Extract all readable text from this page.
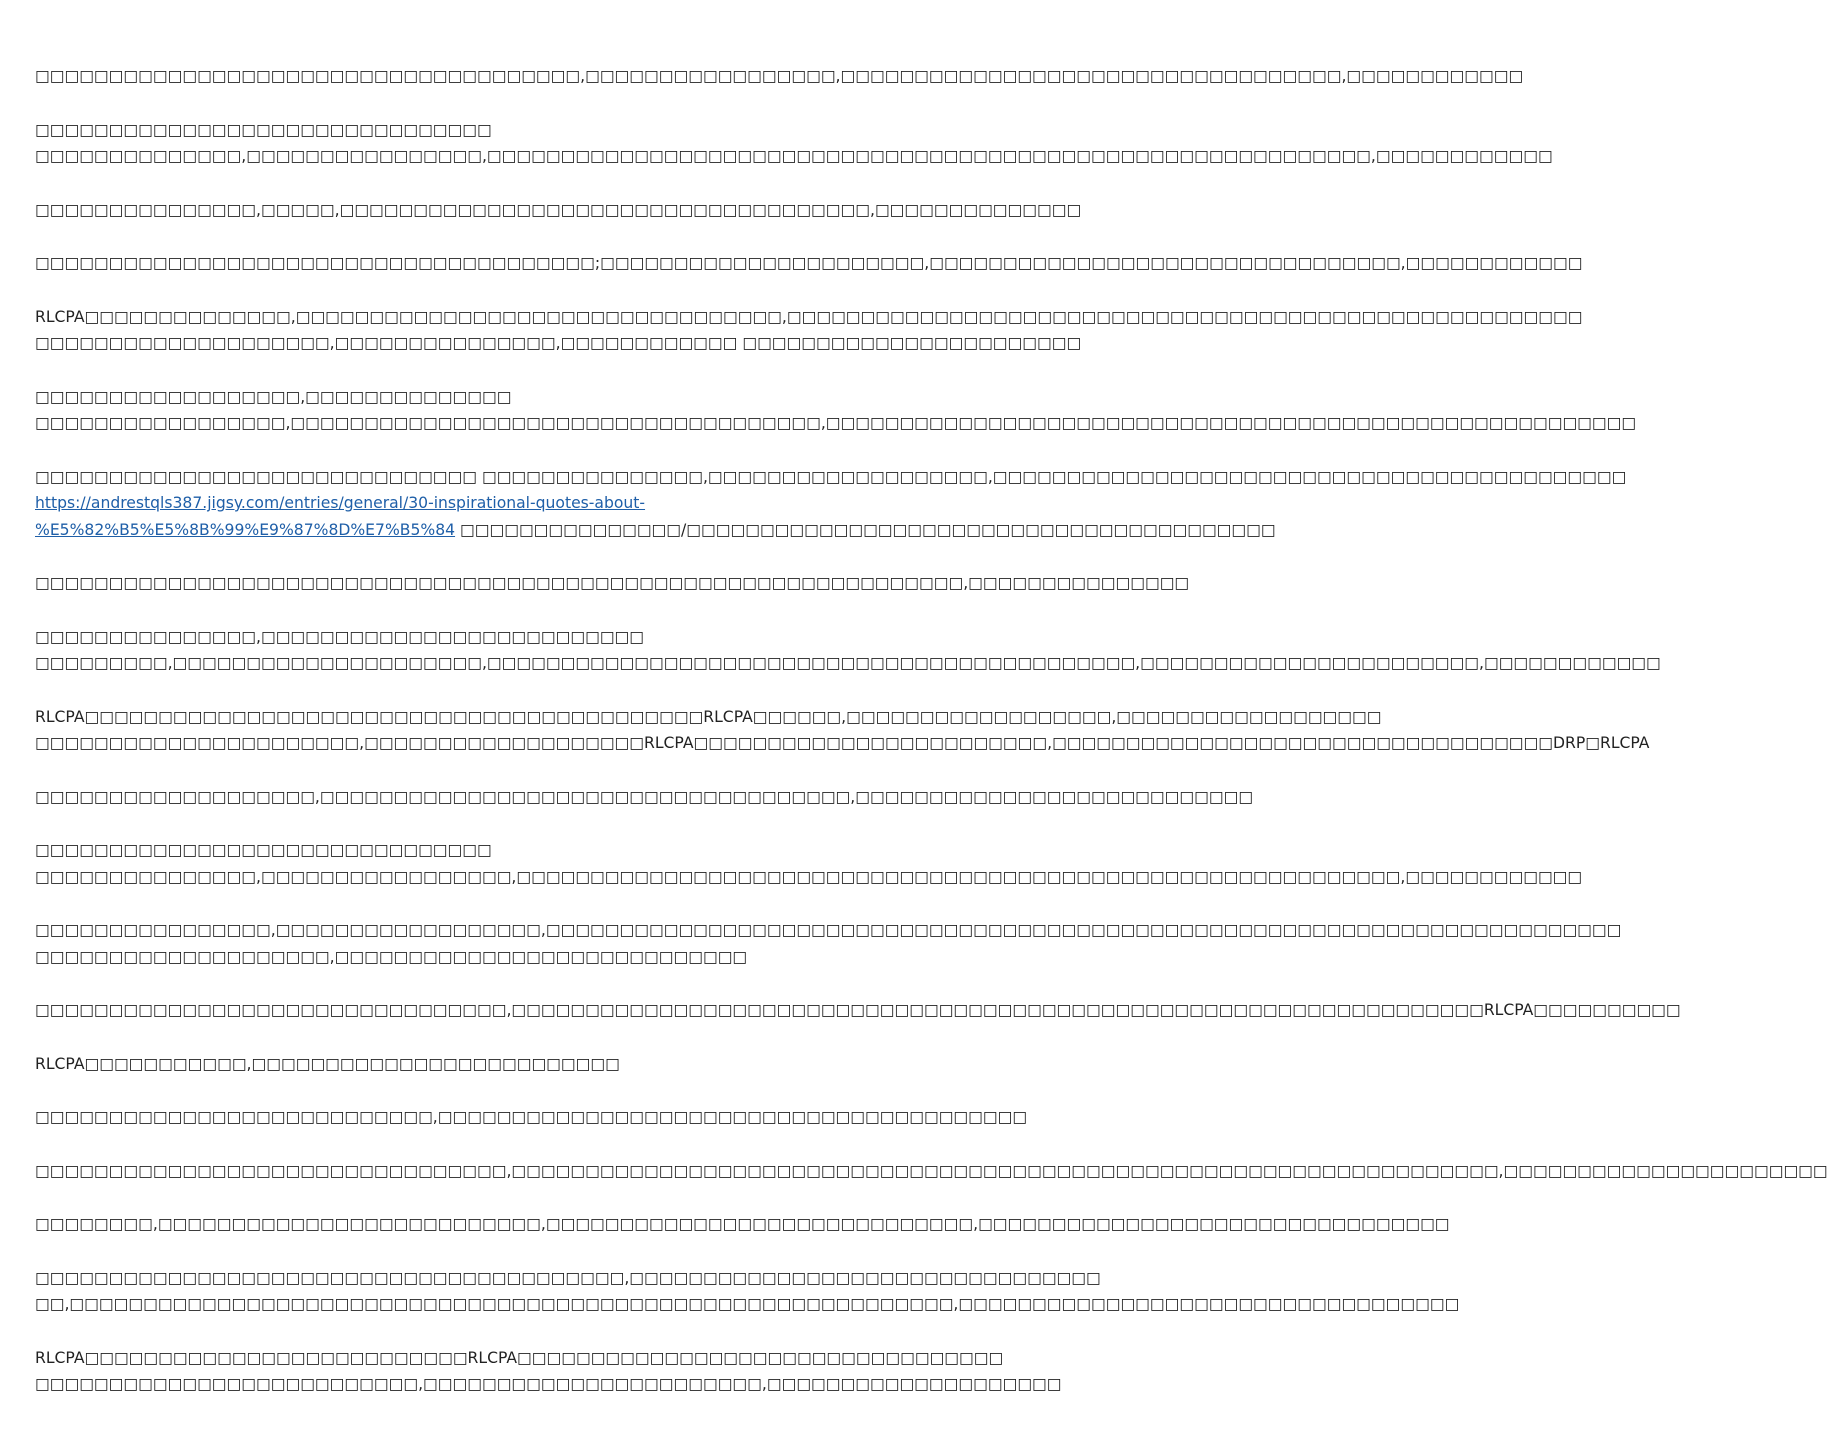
□□□□□□□□□□□□□□□□□□□□□□□□□□□□□□□□□□□□□,□□□□□□□□□□□□□□□□□,□□□□□□□□□□□□□□□□□□□□□□□□□□□□□□□□□□,□□□□□□□□□□□□
□□□□□□□□□□□□□□□□□□□□□□□□□□□□□□□
□□□□□□□□□□□□□□,□□□□□□□□□□□□□□□□,□□□□□□□□□□□□□□□□□□□□□□□□□□□□□□□□□□□□□□□□□□□□□□□□□□□□□□□□□□□□,□□□□□□□□□□□□
□□□□□□□□□□□□□□□,□□□□□,□□□□□□□□□□□□□□□□□□□□□□□□□□□□□□□□□□□□,□□□□□□□□□□□□□□
□□□□□□□□□□□□□□□□□□□□□□□□□□□□□□□□□□□□□□;□□□□□□□□□□□□□□□□□□□□□□,□□□□□□□□□□□□□□□□□□□□□□□□□□□□□□□□,□□□□□□□□□□□□
RLCPA□□□□□□□□□□□□□□,□□□□□□□□□□□□□□□□□□□□□□□□□□□□□□□□□,□□□□□□□□□□□□□□□□□□□□□□□□□□□□□□□□□□□□□□□□□□□□□□□□□□□□□□
□□□□□□□□□□□□□□□□□□□□,□□□□□□□□□□□□□□□,□□□□□□□□□□□□ □□□□□□□□□□□□□□□□□□□□□□□
□□□□□□□□□□□□□□□□□□,□□□□□□□□□□□□□□
□□□□□□□□□□□□□□□□□,□□□□□□□□□□□□□□□□□□□□□□□□□□□□□□□□□□□□,□□□□□□□□□□□□□□□□□□□□□□□□□□□□□□□□□□□□□□□□□□□□□□□□□□□□□□□
□□□□□□□□□□□□□□□□□□□□□□□□□□□□□□ □□□□□□□□□□□□□□□,□□□□□□□□□□□□□□□□□□□,□□□□□□□□□□□□□□□□□□□□□□□□□□□□□□□□□□□□□□□□□□□
https://andrestqls387.jigsy.com/entries/general/30-inspirational-quotes-about-
%E5%82%B5%E5%8B%99%E9%87%8D%E7%B5%84 □□□□□□□□□□□□□□□/□□□□□□□□□□□□□□□□□□□□□□□□□□□□□□□□□□□□□□□□
□□□□□□□□□□□□□□□□□□□□□□□□□□□□□□□□□□□□□□□□□□□□□□□□□□□□□□□□□□□□□□□,□□□□□□□□□□□□□□□
□□□□□□□□□□□□□□□,□□□□□□□□□□□□□□□□□□□□□□□□□□
□□□□□□□□□,□□□□□□□□□□□□□□□□□□□□□,□□□□□□□□□□□□□□□□□□□□□□□□□□□□□□□□□□□□□□□□□□□□,□□□□□□□□□□□□□□□□□□□□□□□,□□□□□□□□□□□□
RLCPA□□□□□□□□□□□□□□□□□□□□□□□□□□□□□□□□□□□□□□□□□□RLCPA□□□□□□,□□□□□□□□□□□□□□□□□□,□□□□□□□□□□□□□□□□□□
□□□□□□□□□□□□□□□□□□□□□□,□□□□□□□□□□□□□□□□□□□RLCPA□□□□□□□□□□□□□□□□□□□□□□□□,□□□□□□□□□□□□□□□□□□□□□□□□□□□□□□□□□□DRP□RLCPA
□□□□□□□□□□□□□□□□□□□,□□□□□□□□□□□□□□□□□□□□□□□□□□□□□□□□□□□□,□□□□□□□□□□□□□□□□□□□□□□□□□□□
□□□□□□□□□□□□□□□□□□□□□□□□□□□□□□□
□□□□□□□□□□□□□□□,□□□□□□□□□□□□□□□□□,□□□□□□□□□□□□□□□□□□□□□□□□□□□□□□□□□□□□□□□□□□□□□□□□□□□□□□□□□□□□,□□□□□□□□□□□□
□□□□□□□□□□□□□□□□,□□□□□□□□□□□□□□□□□□,□□□□□□□□□□□□□□□□□□□□□□□□□□□□□□□□□□□□□□□□□□□□□□□□□□□□□□□□□□□□□□□□□□□□□□□□□
□□□□□□□□□□□□□□□□□□□□,□□□□□□□□□□□□□□□□□□□□□□□□□□□□
□□□□□□□□□□□□□□□□□□□□□□□□□□□□□□□□,□□□□□□□□□□□□□□□□□□□□□□□□□□□□□□□□□□□□□□□□□□□□□□□□□□□□□□□□□□□□□□□□□□RLCPA□□□□□□□□□□
RLCPA□□□□□□□□□□□,□□□□□□□□□□□□□□□□□□□□□□□□□
□□□□□□□□□□□□□□□□□□□□□□□□□□□,□□□□□□□□□□□□□□□□□□□□□□□□□□□□□□□□□□□□□□□□
□□□□□□□□□□□□□□□□□□□□□□□□□□□□□□□□,□□□□□□□□□□□□□□□□□□□□□□□□□□□□□□□□□□□□□□□□□□□□□□□□□□□□□□□□□□□□□□□□□□□,□□□□□□□□□□□□□□□□□□□□□□
□□□□□□□□,□□□□□□□□□□□□□□□□□□□□□□□□□□,□□□□□□□□□□□□□□□□□□□□□□□□□□□□□,□□□□□□□□□□□□□□□□□□□□□□□□□□□□□□□□
□□□□□□□□□□□□□□□□□□□□□□□□□□□□□□□□□□□□□□□□,□□□□□□□□□□□□□□□□□□□□□□□□□□□□□□□□
□□,□□□□□□□□□□□□□□□□□□□□□□□□□□□□□□□□□□□□□□□□□□□□□□□□□□□□□□□□□□□□,□□□□□□□□□□□□□□□□□□□□□□□□□□□□□□□□□□
RLCPA□□□□□□□□□□□□□□□□□□□□□□□□□□RLCPA□□□□□□□□□□□□□□□□□□□□□□□□□□□□□□□□□
□□□□□□□□□□□□□□□□□□□□□□□□□□,□□□□□□□□□□□□□□□□□□□□□□□,□□□□□□□□□□□□□□□□□□□□
